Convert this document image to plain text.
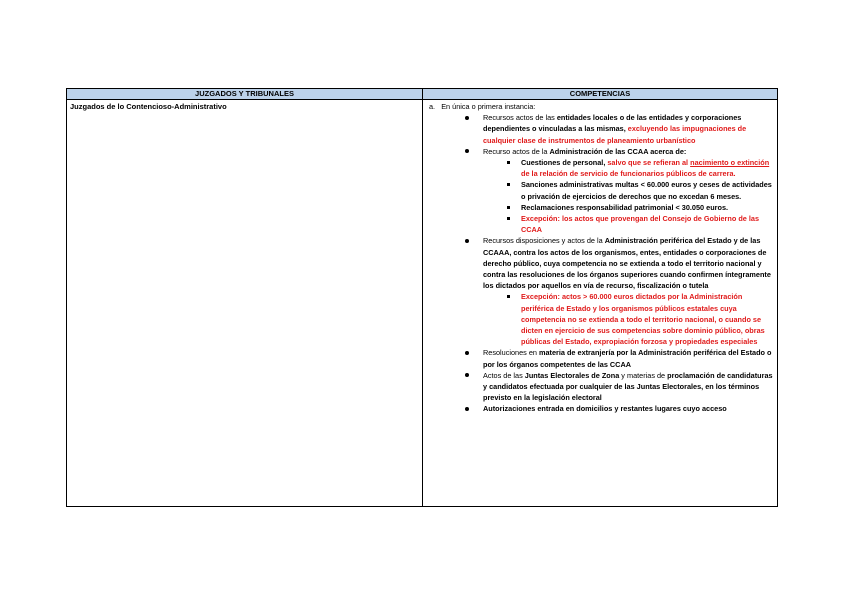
JUZGADOS Y TRIBUNALES	COMPETENCIAS
Juzgados de lo Contencioso-Administrativo	a. En única o primera instancia:

Recursos actos de las entidades locales o de las entidades y corporaciones dependientes o vinculadas a las mismas, excluyendo las impugnaciones de cualquier clase de instrumentos de planeamiento urbanístico
Recurso actos de la Administración de las CCAA acerca de:
Cuestiones de personal, salvo que se refieran al nacimiento o extinción de la relación de servicio de funcionarios públicos de carrera.
Sanciones administrativas multas < 60.000 euros y ceses de actividades o privación de ejercicios de derechos que no excedan 6 meses.
Reclamaciones responsabilidad patrimonial < 30.050 euros.
Excepción: los actos que provengan del Consejo de Gobierno de las CCAA
Recursos disposiciones y actos de la Administración periférica del Estado y de las CCAAA, contra los actos de los organismos, entes, entidades o corporaciones de derecho público, cuya competencia no se extienda a todo el territorio nacional y contra las resoluciones de los órganos superiores cuando confirmen íntegramente los dictados por aquellos en vía de recurso, fiscalización o tutela
Excepción: actos > 60.000 euros dictados por la Administración periférica de Estado y los organismos públicos estatales cuya competencia no se extienda a todo el territorio nacional, o cuando se dicten en ejercicio de sus competencias sobre dominio público, obras públicas del Estado, expropiación forzosa y propiedades especiales
Resoluciones en materia de extranjería por la Administración periférica del Estado o por los órganos competentes de las CCAA
Actos de las Juntas Electorales de Zona y materias de proclamación de candidaturas y candidatos efectuada por cualquier de las Juntas Electorales, en los términos previsto en la legislación electoral
Autorizaciones entrada en domicilios y restantes lugares cuyo acceso
